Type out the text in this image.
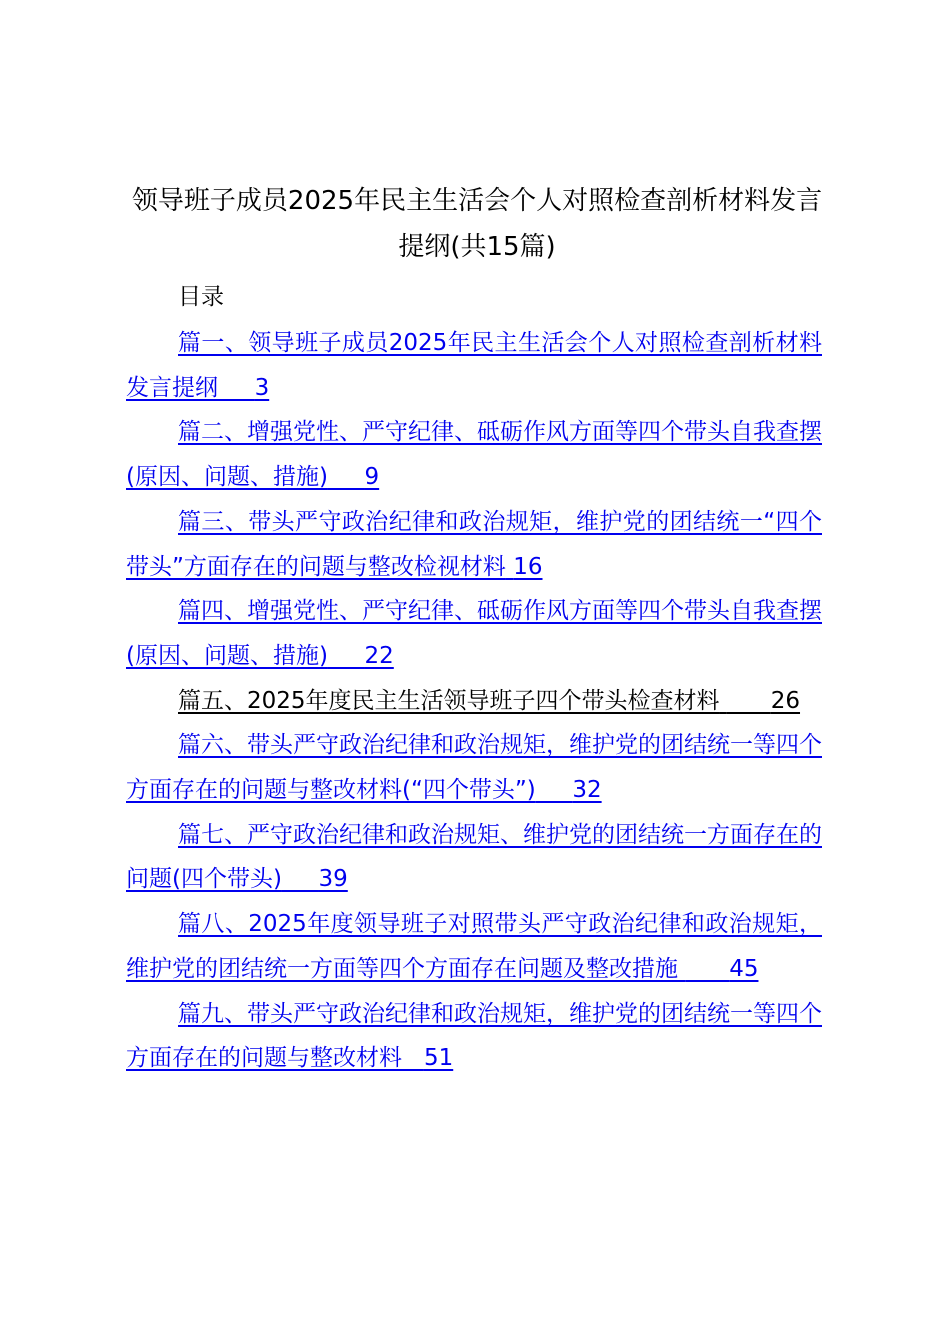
领导班子成员2025年民主生活会个人对照检查剖析材料发言提纲(共15篇)

目录

篇一、领导班子成员2025年民主生活会个人对照检查剖析材料发言提纲 3
篇二、增强党性、严守纪律、砥砺作风方面等四个带头自我查摆(原因、问题、措施) 9
篇三、带头严守政治纪律和政治规矩，维护党的团结统一“四个带头”方面存在的问题与整改检视材料 16
篇四、增强党性、严守纪律、砥砺作风方面等四个带头自我查摆(原因、问题、措施) 22
篇五、2025年度民主生活领导班子四个带头检查材料 26
篇六、带头严守政治纪律和政治规矩，维护党的团结统一等四个方面存在的问题与整改材料(“四个带头”) 32
篇七、严守政治纪律和政治规矩、维护党的团结统一方面存在的问题(四个带头) 39
篇八、2025年度领导班子对照带头严守政治纪律和政治规矩，维护党的团结统一方面等四个方面存在问题及整改措施 45
篇九、带头严守政治纪律和政治规矩，维护党的团结统一等四个方面存在的问题与整改材料 51
